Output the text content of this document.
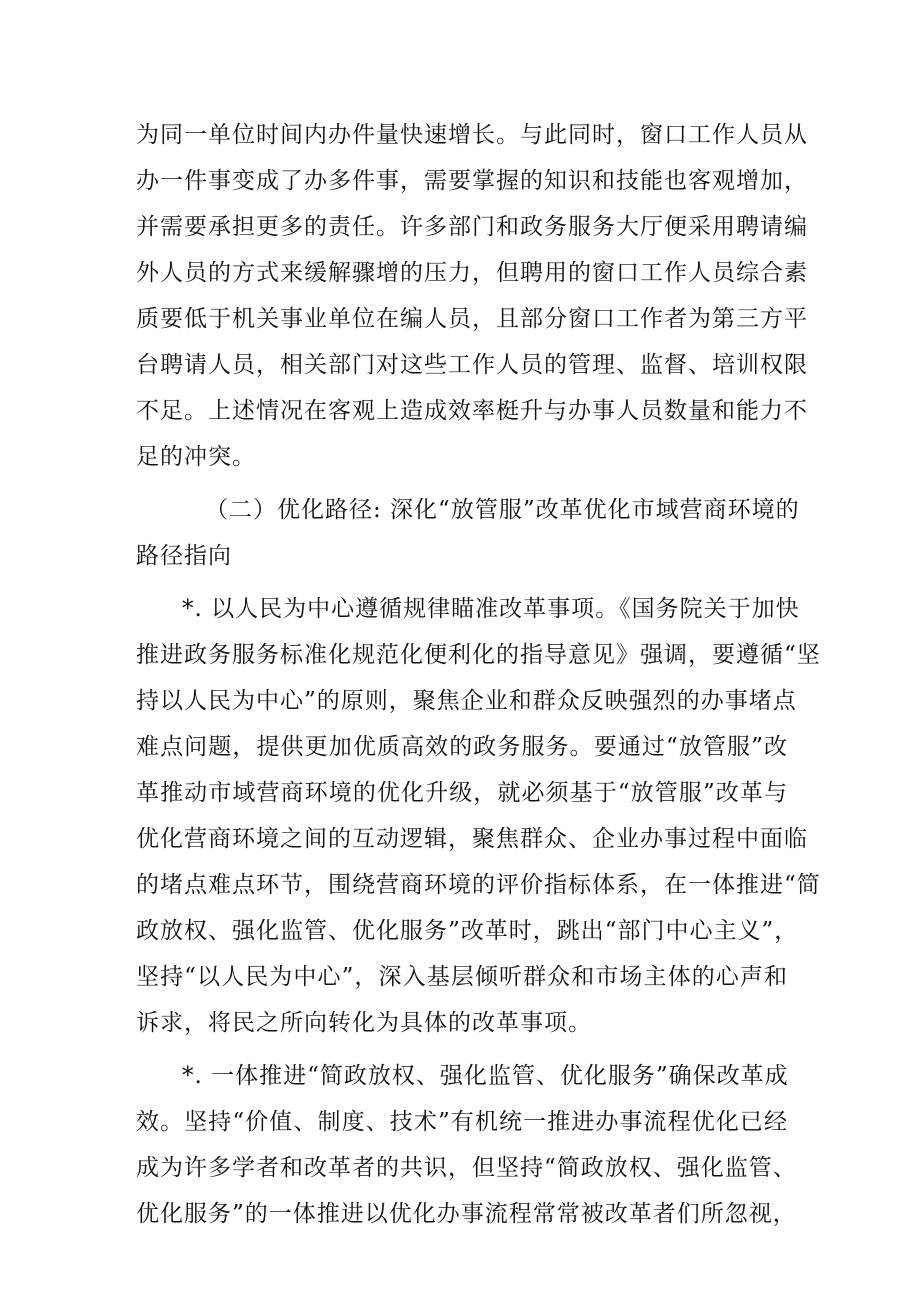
为同一单位时间内办件量快速增长。与此同时，窗口工作人员从
办一件事变成了办多件事，需要掌握的知识和技能也客观增加，
并需要承担更多的责任。许多部门和政务服务大厅便采用聘请编
外人员的方式来缓解骤增的压力，但聘用的窗口工作人员综合素
质要低于机关事业单位在编人员，且部分窗口工作者为第三方平
台聘请人员，相关部门对这些工作人员的管理、监督、培训权限
不足。上述情况在客观上造成效率梃升与办事人员数量和能力不
足的冲突。
（二）优化路径: 深化“放管服”改革优化市域营商环境的
路径指向
*. 以人民为中心遵循规律瞄准改革事项。《国务院关于加快
推进政务服务标准化规范化便利化的指导意见》强调，要遵循“坚
持以人民为中心”的原则，聚焦企业和群众反映强烈的办事堵点
难点问题，提供更加优质高效的政务服务。要通过“放管服”改
革推动市域营商环境的优化升级，就必须基于“放管服”改革与
优化营商环境之间的互动逻辑，聚焦群众、企业办事过程中面临
的堵点难点环节，围绕营商环境的评价指标体系，在一体推进“简
政放权、强化监管、优化服务”改革时，跳出“部门中心主义”，
坚持“以人民为中心”，深入基层倾听群众和市场主体的心声和
诉求，将民之所向转化为具体的改革事项。
*. 一体推进“简政放权、强化监管、优化服务”确保改革成
效。坚持“价值、制度、技术”有机统一推进办事流程优化已经
成为许多学者和改革者的共识，但坚持“简政放权、强化监管、
优化服务”的一体推进以优化办事流程常常被改革者们所忽视，
